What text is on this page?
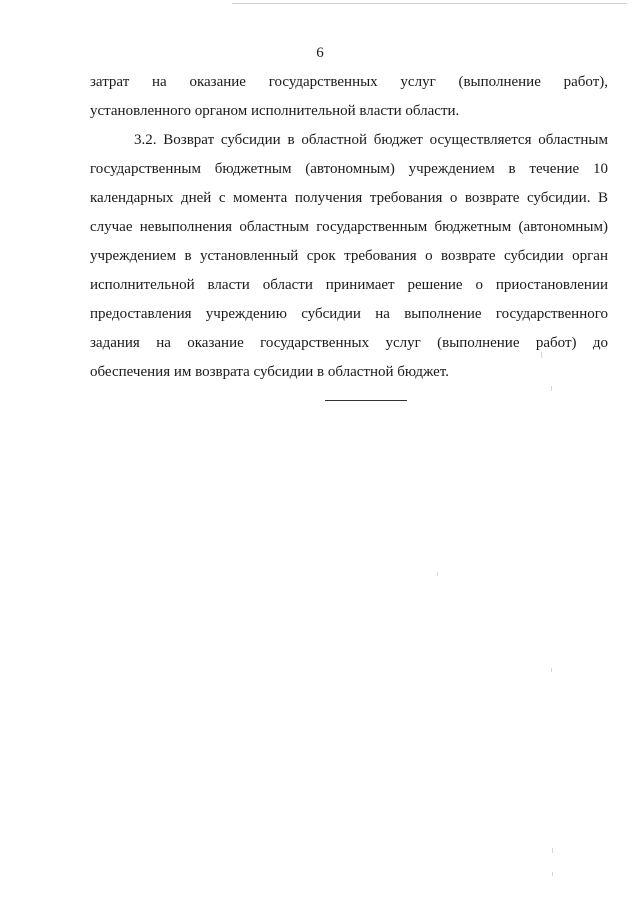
6
затрат на оказание государственных услуг (выполнение работ),
установленного органом исполнительной власти области.
3.2. Возврат субсидии в областной бюджет осуществляется областным
государственным бюджетным (автономным) учреждением в течение 10
календарных дней с момента получения требования о возврате субсидии. В
случае невыполнения областным государственным бюджетным (автономным)
учреждением в установленный срок требования о возврате субсидии орган
исполнительной власти области принимает решение о приостановлении
предоставления учреждению субсидии на выполнение государственного
задания на оказание государственных услуг (выполнение работ) до
обеспечения им возврата субсидии в областной бюджет.
